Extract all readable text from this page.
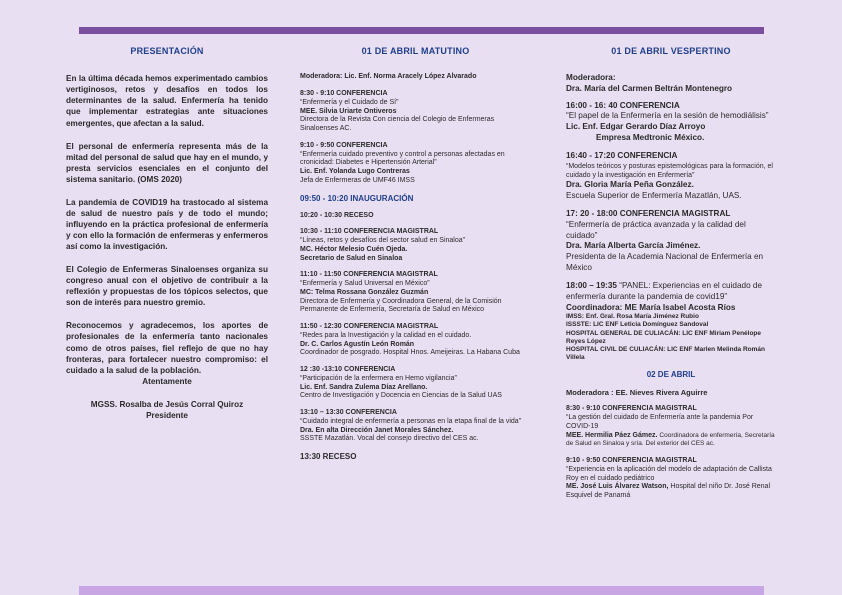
PRESENTACIÓN
En la última década hemos experimentado cambios vertiginosos, retos y desafíos en todos los determinantes de la salud. Enfermería ha tenido que implementar estrategias ante situaciones emergentes, que afectan a la salud.
El personal de enfermería representa más de la mitad del personal de salud que hay en el mundo, y presta servicios esenciales en el conjunto del sistema sanitario. (OMS 2020)
La pandemia de COVID19 ha trastocado al sistema de salud de nuestro país y de todo el mundo; influyendo en la práctica profesional de enfermería y con ello la formación de enfermeras y enfermeros así como la investigación.
El Colegio de Enfermeras Sinaloenses organiza su congreso anual con el objetivo de contribuir a la reflexión y propuestas de los tópicos selectos, que son de interés para nuestro gremio.
Reconocemos y agradecemos, los aportes de profesionales de la enfermería tanto nacionales como de otros países, fiel reflejo de que no hay fronteras, para fortalecer nuestro compromiso: el cuidado a la salud de la población.
Atentamente
MGSS. Rosalba de Jesús Corral Quiroz
Presidente
01 DE ABRIL MATUTINO
Moderadora: Lic. Enf. Norma Aracely López Alvarado
8:30 - 9:10 CONFERENCIA
“Enfermería y el Cuidado de Sí”
MEE. Silvia Uriarte Ontiveros
Directora de la Revista Con ciencia del Colegio de Enfermeras Sinaloenses AC.
9:10 - 9:50 CONFERENCIA
“Enfermería cuidado preventivo y control a personas afectadas en cronicidad: Diabetes e Hipertensión Arterial”
Lic. Enf. Yolanda Lugo Contreras
Jefa de Enfermeras de UMF46 IMSS
09:50 - 10:20 INAUGURACIÓN
10:20 - 10:30 RECESO
10:30 - 11:10 CONFERENCIA MAGISTRAL
“Líneas, retos y desafíos del sector salud en Sinaloa”
MC. Héctor Melesio Cuén Ojeda.
Secretario de Salud en Sinaloa
11:10 - 11:50 CONFERENCIA MAGISTRAL
“Enfermería y Salud Universal en México”
MC: Telma Rossana González Guzmán
Directora de Enfermería y Coordinadora General, de la Comisión Permanente de Enfermería, Secretaría de Salud en México
11:50 - 12:30 CONFERENCIA MAGISTRAL
“Redes para la Investigación y la calidad en el cuidado.
Dr. C. Carlos Agustín León Román
Coordinador de posgrado. Hospital Hnos. Ameijeiras. La Habana Cuba
12 :30 -13:10 CONFERENCIA
“Participación de la enfermera en Hemo vigilancia”
Lic. Enf. Sandra Zulema Díaz Arellano.
Centro de Investigación y Docencia en Ciencias de la Salud UAS
13:10 – 13:30 CONFERENCIA
“Cuidado integral de enfermería a personas en la etapa final de la vida”
Dra. En alta Dirección Janet Morales Sánchez.
SSSTE Mazatlán. Vocal del consejo directivo del CES ac.
13:30 RECESO
01 DE ABRIL VESPERTINO
Moderadora:
Dra. María del Carmen Beltrán Montenegro
16:00 - 16: 40 CONFERENCIA
“El papel de la Enfermería en la sesión de hemodiálisis”
Lic. Enf. Edgar Gerardo Díaz Arroyo
Empresa Medtronic México.
16:40 - 17:20 CONFERENCIA
“Modelos teóricos y posturas epistemológicas para la formación, el cuidado y la investigación en Enfermería”
Dra. Gloria María Peña González.
Escuela Superior de Enfermería Mazatlán, UAS.
17: 20 - 18:00 CONFERENCIA MAGISTRAL
“Enfermería de práctica avanzada y la calidad del cuidado”
Dra. María Alberta García Jiménez.
Presidenta de la Academia Nacional de Enfermería en México
18:00 – 19:35 “PANEL: Experiencias en el cuidado de enfermería durante la pandemia de covid19”
Coordinadora: ME María Isabel Acosta Ríos
IMSS: Enf. Gral. Rosa María Jiménez Rubio
ISSSTE: LIC ENF Leticia Domínguez Sandoval
HOSPITAL GENERAL DE CULIACÁN: LIC ENF Miriam Penélope Reyes López
HOSPITAL CIVIL DE CULIACÁN: LIC ENF Marlen Melinda Román Villela
02 DE ABRIL
Moderadora : EE. Nieves Rivera Aguirre
8:30 - 9:10 CONFERENCIA MAGISTRAL
“La gestión del cuidado de Enfermería ante la pandemia Por COVID-19
MEE. Hermilia Páez Gámez. Coordinadora de enfermería, Secretaría de Salud en Sinaloa y sría. Del exterior del CES ac.
9:10 - 9:50 CONFERENCIA MAGISTRAL
“Experiencia en la aplicación del modelo de adaptación de Callista Roy en el cuidado pediátrico
ME. José Luis Álvarez Watson, Hospital del niño Dr. José Renal Esquivel de Panamá
